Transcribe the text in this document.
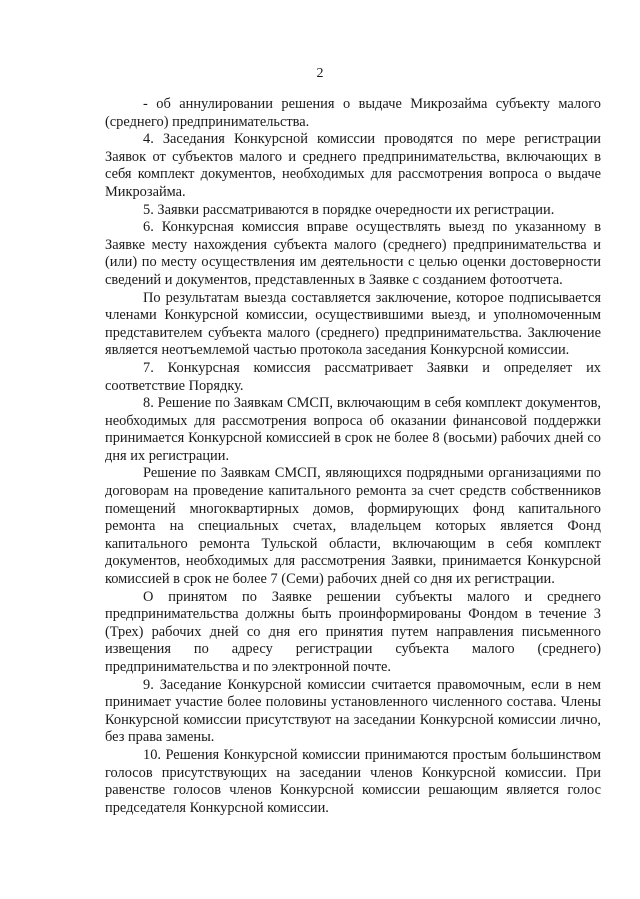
2

- об аннулировании решения о выдаче Микрозайма субъекту малого (среднего) предпринимательства.

4. Заседания Конкурсной комиссии проводятся по мере регистрации Заявок от субъектов малого и среднего предпринимательства, включающих в себя комплект документов, необходимых для рассмотрения вопроса о выдаче Микрозайма.

5. Заявки рассматриваются в порядке очередности их регистрации.

6. Конкурсная комиссия вправе осуществлять выезд по указанному в Заявке месту нахождения субъекта малого (среднего) предпринимательства и (или) по месту осуществления им деятельности с целью оценки достоверности сведений и документов, представленных в Заявке с созданием фотоотчета.

По результатам выезда составляется заключение, которое подписывается членами Конкурсной комиссии, осуществившими выезд, и уполномоченным представителем субъекта малого (среднего) предпринимательства. Заключение является неотъемлемой частью протокола заседания Конкурсной комиссии.

7. Конкурсная комиссия рассматривает Заявки и определяет их соответствие Порядку.

8. Решение по Заявкам СМСП, включающим в себя комплект документов, необходимых для рассмотрения вопроса об оказании финансовой поддержки принимается Конкурсной комиссией в срок не более 8 (восьми) рабочих дней со дня их регистрации.

Решение по Заявкам СМСП, являющихся подрядными организациями по договорам на проведение капитального ремонта за счет средств собственников помещений многоквартирных домов, формирующих фонд капитального ремонта на специальных счетах, владельцем которых является Фонд капитального ремонта Тульской области, включающим в себя комплект документов, необходимых для рассмотрения Заявки, принимается Конкурсной комиссией в срок не более 7 (Семи) рабочих дней со дня их регистрации.

О принятом по Заявке решении субъекты малого и среднего предпринимательства должны быть проинформированы Фондом в течение 3 (Трех) рабочих дней со дня его принятия путем направления письменного извещения по адресу регистрации субъекта малого (среднего) предпринимательства и по электронной почте.

9. Заседание Конкурсной комиссии считается правомочным, если в нем принимает участие более половины установленного численного состава. Члены Конкурсной комиссии присутствуют на заседании Конкурсной комиссии лично, без права замены.

10. Решения Конкурсной комиссии принимаются простым большинством голосов присутствующих на заседании членов Конкурсной комиссии. При равенстве голосов членов Конкурсной комиссии решающим является голос председателя Конкурсной комиссии.
